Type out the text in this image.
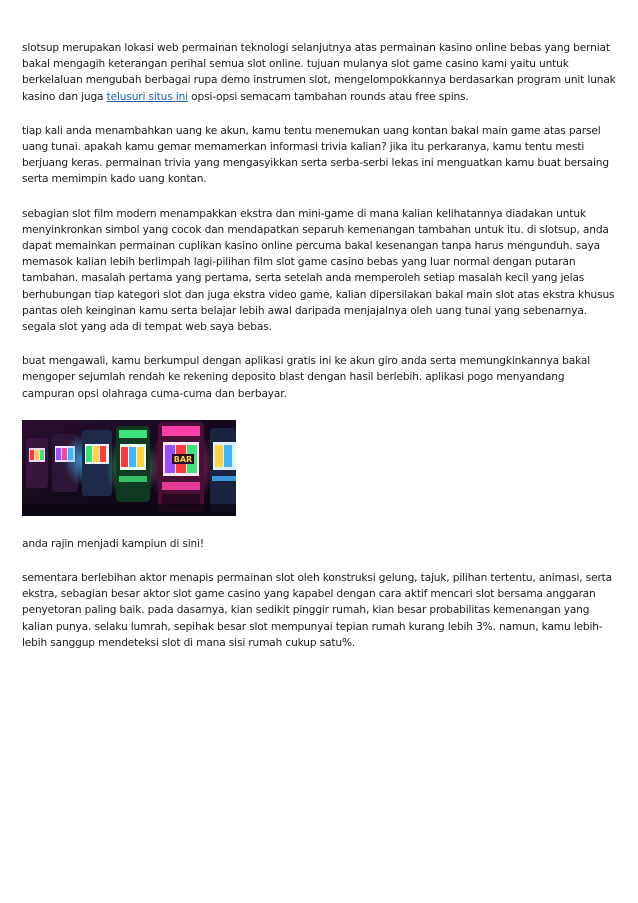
slotsup merupakan lokasi web permainan teknologi selanjutnya atas permainan kasino online bebas yang berniat bakal mengagih keterangan perihal semua slot online. tujuan mulanya slot game casino kami yaitu untuk berkelaluan mengubah berbagai rupa demo instrumen slot, mengelompokkannya berdasarkan program unit lunak kasino dan juga telusuri situs ini opsi-opsi semacam tambahan rounds atau free spins.

tiap kali anda menambahkan uang ke akun, kamu tentu menemukan uang kontan bakal main game atas parsel uang tunai. apakah kamu gemar memamerkan informasi trivia kalian? jika itu perkaranya, kamu tentu mesti berjuang keras. permainan trivia yang mengasyikkan serta serba-serbi lekas ini menguatkan kamu buat bersaing serta memimpin kado uang kontan.

sebagian slot film modern menampakkan ekstra dan mini-game di mana kalian kelihatannya diadakan untuk menyinkronkan simbol yang cocok dan mendapatkan separuh kemenangan tambahan untuk itu. di slotsup, anda dapat memainkan permainan cuplikan kasino online percuma bakal kesenangan tanpa harus mengunduh. saya memasok kalian lebih berlimpah lagi-pilihan film slot game casino bebas yang luar normal dengan putaran tambahan. masalah pertama yang pertama, serta setelah anda memperoleh setiap masalah kecil yang jelas berhubungan tiap kategori slot dan juga ekstra video game, kalian dipersilakan bakal main slot atas ekstra khusus pantas oleh keinginan kamu serta belajar lebih awal daripada menjajalnya oleh uang tunai yang sebenarnya. segala slot yang ada di tempat web saya bebas.

buat mengawali, kamu berkumpul dengan aplikasi gratis ini ke akun giro anda serta memungkinkannya bakal mengoper sejumlah rendah ke rekening deposito blast dengan hasil berlebih. aplikasi pogo menyandang campuran opsi olahraga cuma-cuma dan berbayar.

BAR

anda rajin menjadi kampiun di sini!

sementara berlebihan aktor menapis permainan slot oleh konstruksi gelung, tajuk, pilihan tertentu, animasi, serta ekstra, sebagian besar aktor slot game casino yang kapabel dengan cara aktif mencari slot bersama anggaran penyetoran paling baik. pada dasarnya, kian sedikit pinggir rumah, kian besar probabilitas kemenangan yang kalian punya. selaku lumrah, sepihak besar slot mempunyai tepian rumah kurang lebih 3%. namun, kamu lebih-lebih sanggup mendeteksi slot di mana sisi rumah cukup satu%.
